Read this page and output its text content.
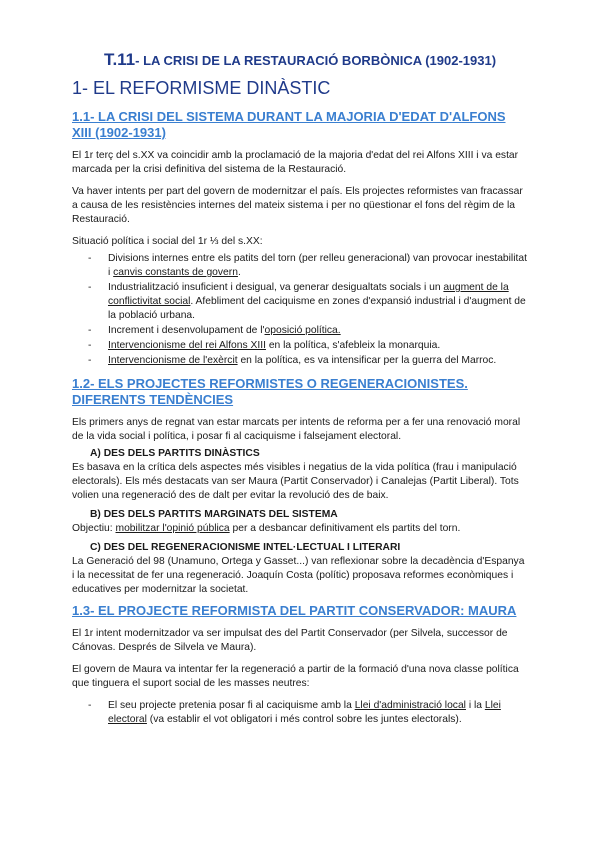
T.11- LA CRISI DE LA RESTAURACIÓ BORBÒNICA (1902-1931)
1- EL REFORMISME DINÀSTIC
1.1- LA CRISI DEL SISTEMA DURANT LA MAJORIA D'EDAT D'ALFONS XIII (1902-1931)

El 1r terç del s.XX va coincidir amb la proclamació de la majoria d'edat del rei Alfons XIII i va estar marcada per la crisi definitiva del sistema de la Restauració.

Va haver intents per part del govern de modernitzar el país. Els projectes reformistes van fracassar a causa de les resistències internes del mateix sistema i per no qüestionar el fons del règim de la Restauració.

Situació política i social del 1r ⅓ del s.XX:

- Divisions internes entre els patits del torn (per relleu generacional) van provocar inestabilitat i canvis constants de govern.
- Industrialització insuficient i desigual, va generar desigualtats socials i un augment de la conflictivitat social. Afebliment del caciquisme en zones d'expansió industrial i d'augment de la població urbana.
- Increment i desenvolupament de l'oposició política.
- Intervencionisme del rei Alfons XIII en la política, s'afebleix la monarquia.
- Intervencionisme de l'exèrcit en la política, es va intensificar per la guerra del Marroc.
1.2- ELS PROJECTES REFORMISTES O REGENERACIONISTES. DIFERENTS TENDÈNCIES

Els primers anys de regnat van estar marcats per intents de reforma per a fer una renovació moral de la vida social i política, i posar fi al caciquisme i falsejament electoral.

A) DES DELS PARTITS DINÀSTICS

Es basava en la crítica dels aspectes més visibles i negatius de la vida política (frau i manipulació electorals). Els més destacats van ser Maura (Partit Conservador) i Canalejas (Partit Liberal). Tots volien una regeneració des de dalt per evitar la revolució des de baix.

B) DES DELS PARTITS MARGINATS DEL SISTEMA

Objectiu: mobilitzar l'opinió pública per a desbancar definitivament els partits del torn.

C) DES DEL REGENERACIONISME INTEL·LECTUAL I LITERARI

La Generació del 98 (Unamuno, Ortega y Gasset...) van reflexionar sobre la decadència d'Espanya i la necessitat de fer una regeneració. Joaquín Costa (polític) proposava reformes econòmiques i educatives per modernitzar la societat.

1.3- EL PROJECTE REFORMISTA DEL PARTIT CONSERVADOR: MAURA

El 1r intent modernitzador va ser impulsat des del Partit Conservador (per Silvela, successor de Cánovas. Després de Silvela ve Maura).

El govern de Maura va intentar fer la regeneració a partir de la formació d'una nova classe política que tinguera el suport social de les masses neutres:

- El seu projecte pretenia posar fi al caciquisme amb la Llei d'administració local i la Llei electoral (va establir el vot obligatori i més control sobre les juntes electorals).
